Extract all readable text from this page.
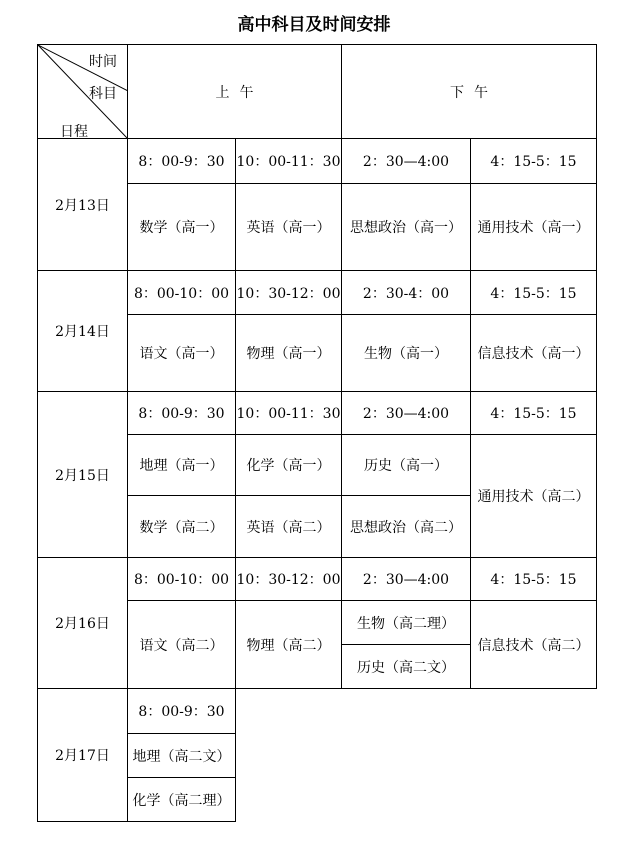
高中科目及时间安排
时间
科目
日程	上午		下午	
2月13日	8：00-9：30	10：00-11：30	2：30—4:00	4：15-5：15
	数学（高一）	英语（高一）	思想政治（高一）	通用技术（高一）
2月14日	8：00-10：00	10：30-12：00	2：30-4：00	4：15-5：15
	语文（高一）	物理（高一）	生物（高一）	信息技术（高一）
2月15日	8：00-9：30	10：00-11：30	2：30—4:00	4：15-5：15
	地理（高一）	化学（高一）	历史（高一）	通用技术（高二）
	数学（高二）	英语（高二）	思想政治（高二）	
2月16日	8：00-10：00	10：30-12：00	2：30—4:00	4：15-5：15
	语文（高二）	物理（高二）	生物（高二理）	信息技术（高二）
			历史（高二文）	
2月17日	8：00-9：30			
	地理（高二文）			
	化学（高二理）			
